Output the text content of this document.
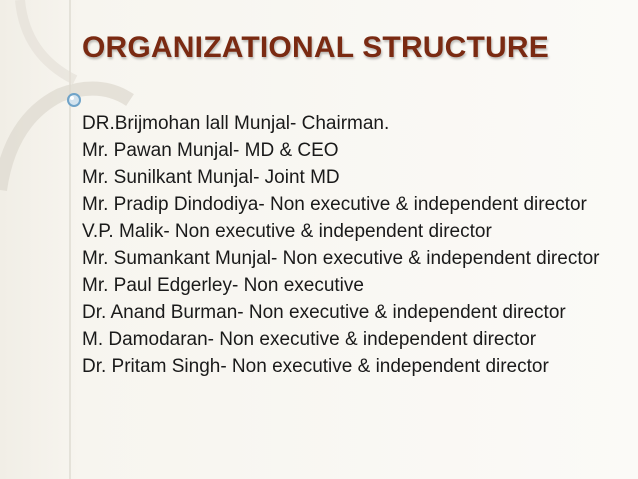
ORGANIZATIONAL STRUCTURE
DR.Brijmohan lall Munjal- Chairman.
Mr. Pawan Munjal- MD & CEO
Mr. Sunilkant Munjal- Joint MD
Mr. Pradip Dindodiya- Non executive & independent director
V.P. Malik- Non executive & independent director
Mr. Sumankant Munjal- Non executive & independent director
Mr. Paul Edgerley- Non executive
Dr. Anand Burman- Non executive & independent director
M. Damodaran- Non executive & independent director
Dr. Pritam Singh- Non executive & independent director
